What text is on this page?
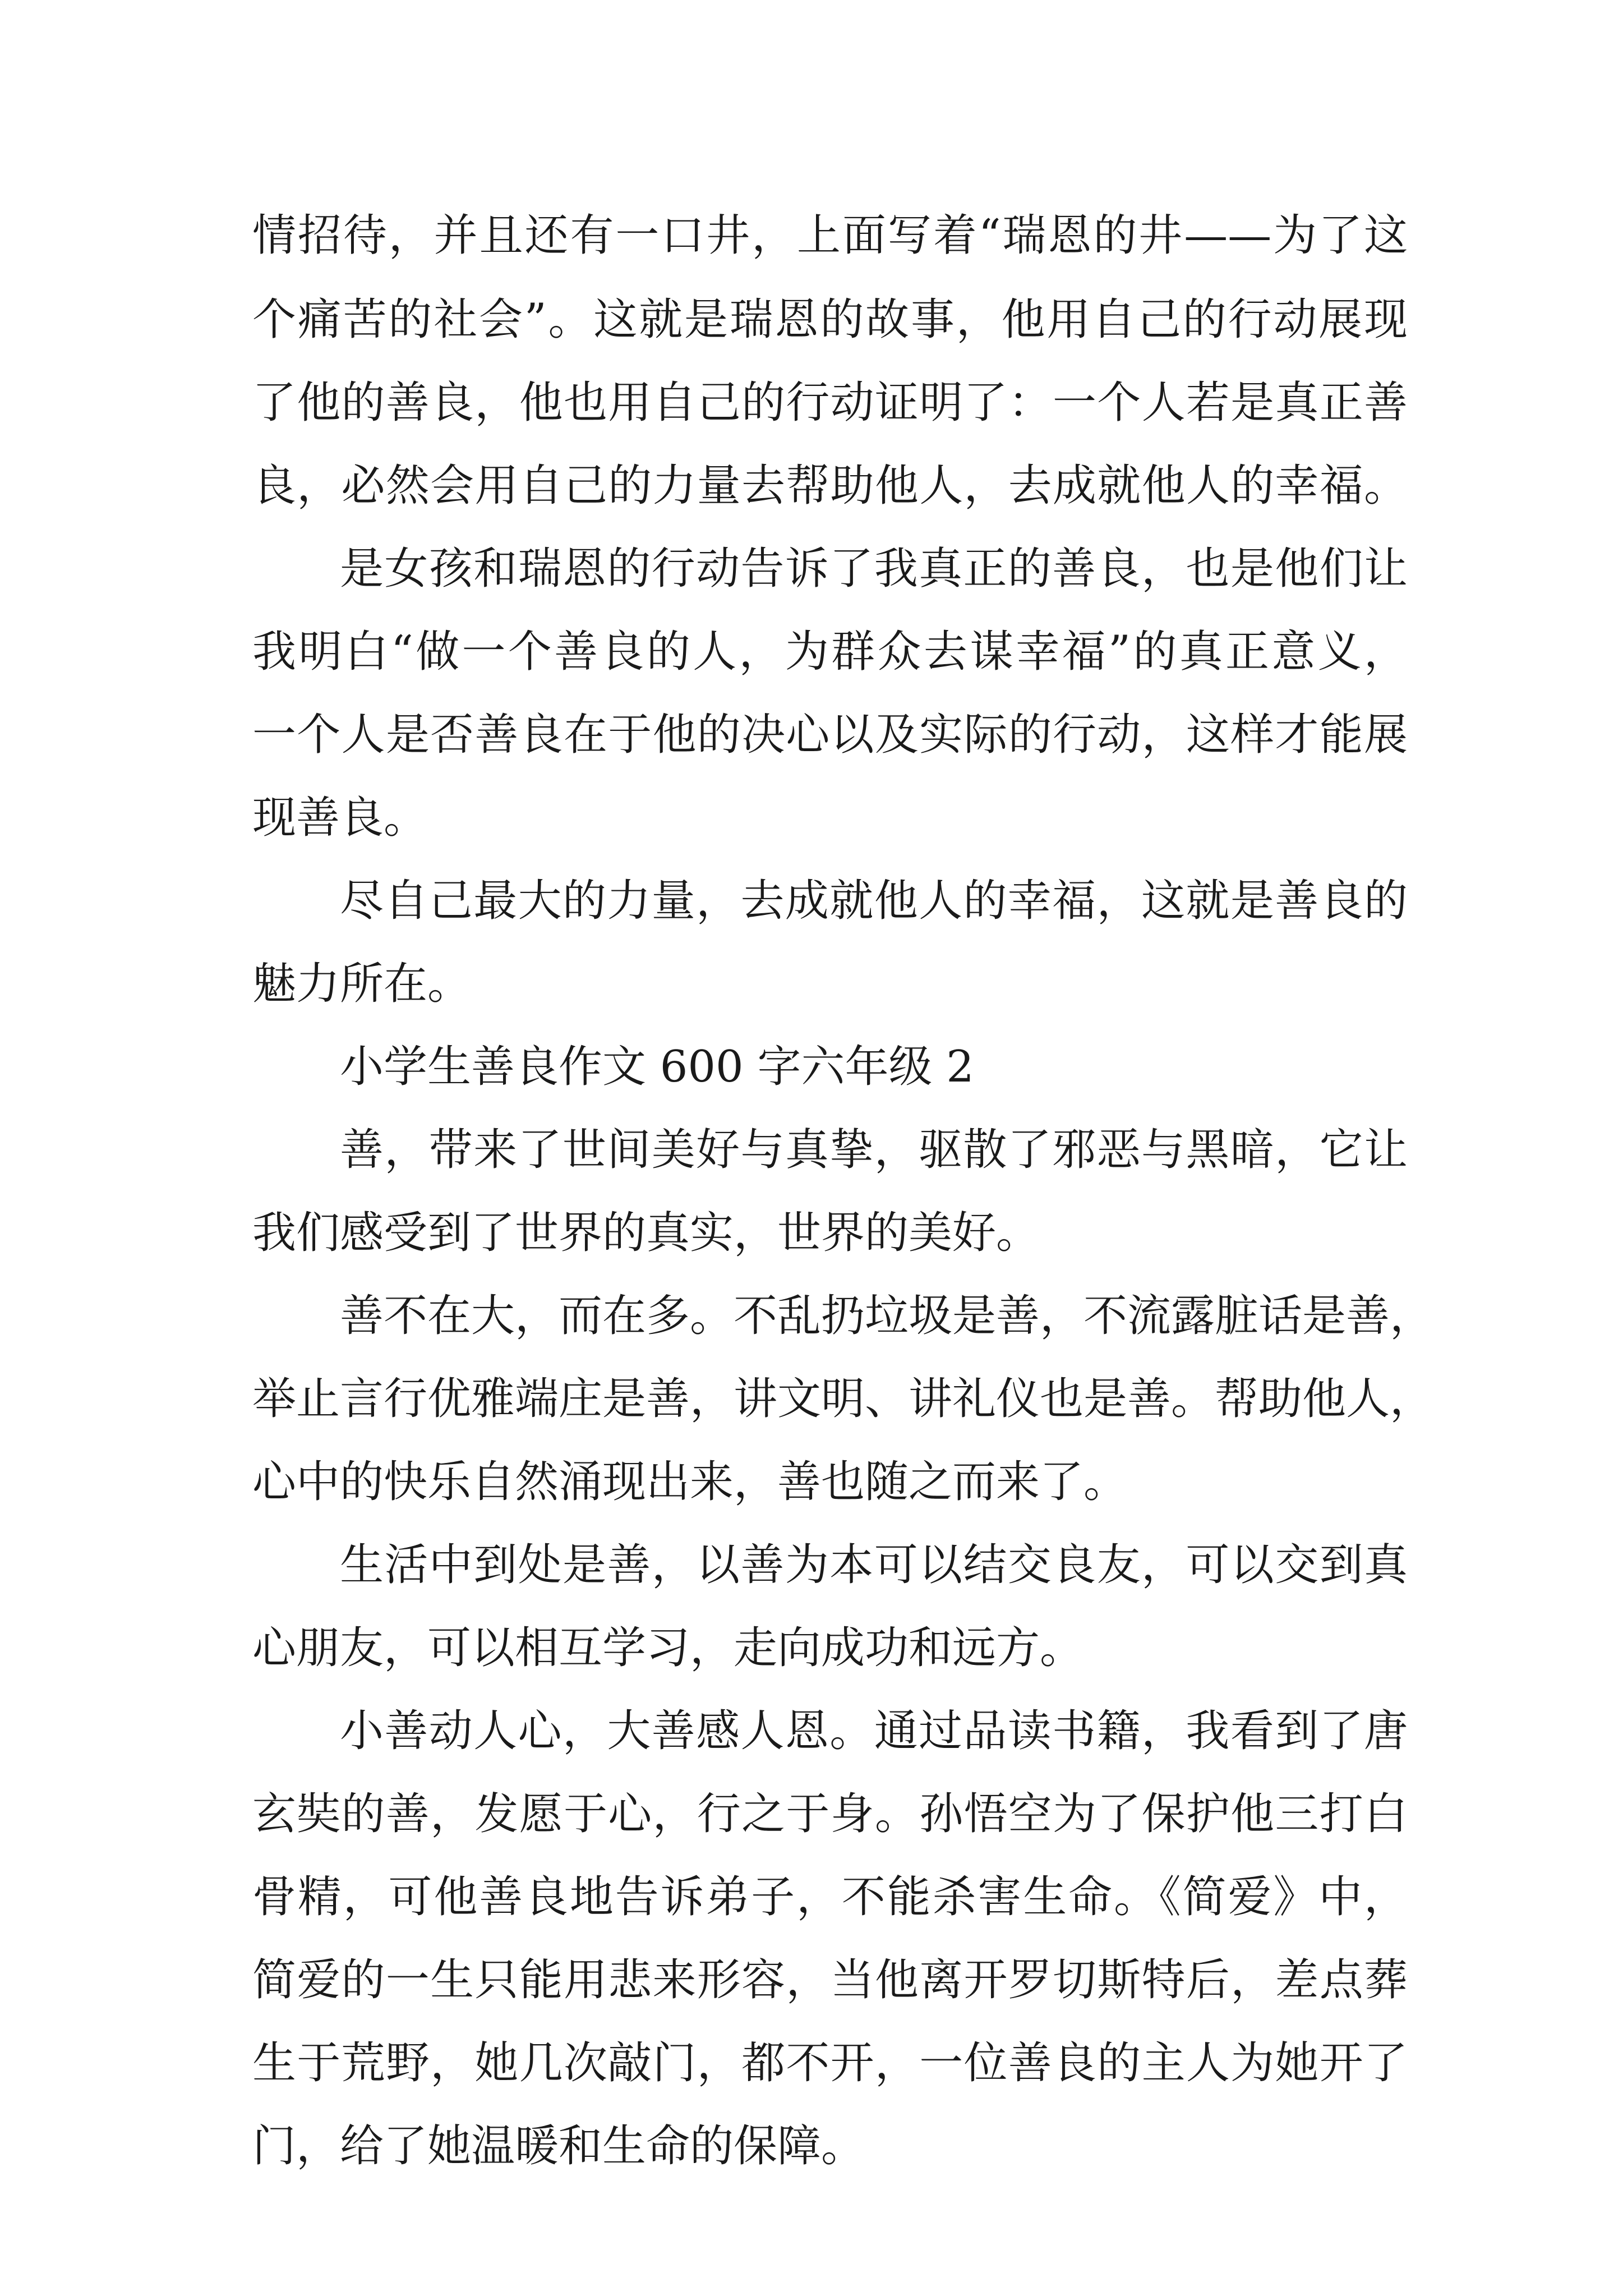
情招待，并且还有一口井，上面写着“瑞恩的井——为了这
个痛苦的社会”。这就是瑞恩的故事，他用自己的行动展现
了他的善良，他也用自己的行动证明了：一个人若是真正善
良，必然会用自己的力量去帮助他人，去成就他人的幸福。
是女孩和瑞恩的行动告诉了我真正的善良，也是他们让
我明白“做一个善良的人，为群众去谋幸福”的真正意义，
一个人是否善良在于他的决心以及实际的行动，这样才能展
现善良。
尽自己最大的力量，去成就他人的幸福，这就是善良的
魅力所在。
小学生善良作文 600 字六年级 2
善，带来了世间美好与真挚，驱散了邪恶与黑暗，它让
我们感受到了世界的真实，世界的美好。
善不在大，而在多。不乱扔垃圾是善，不流露脏话是善，
举止言行优雅端庄是善，讲文明、讲礼仪也是善。帮助他人，
心中的快乐自然涌现出来，善也随之而来了。
生活中到处是善，以善为本可以结交良友，可以交到真
心朋友，可以相互学习，走向成功和远方。
小善动人心，大善感人恩。通过品读书籍，我看到了唐
玄奘的善，发愿于心，行之于身。孙悟空为了保护他三打白
骨精，可他善良地告诉弟子，不能杀害生命。《简爱》中，
简爱的一生只能用悲来形容，当他离开罗切斯特后，差点葬
生于荒野，她几次敲门，都不开，一位善良的主人为她开了
门，给了她温暖和生命的保障。
